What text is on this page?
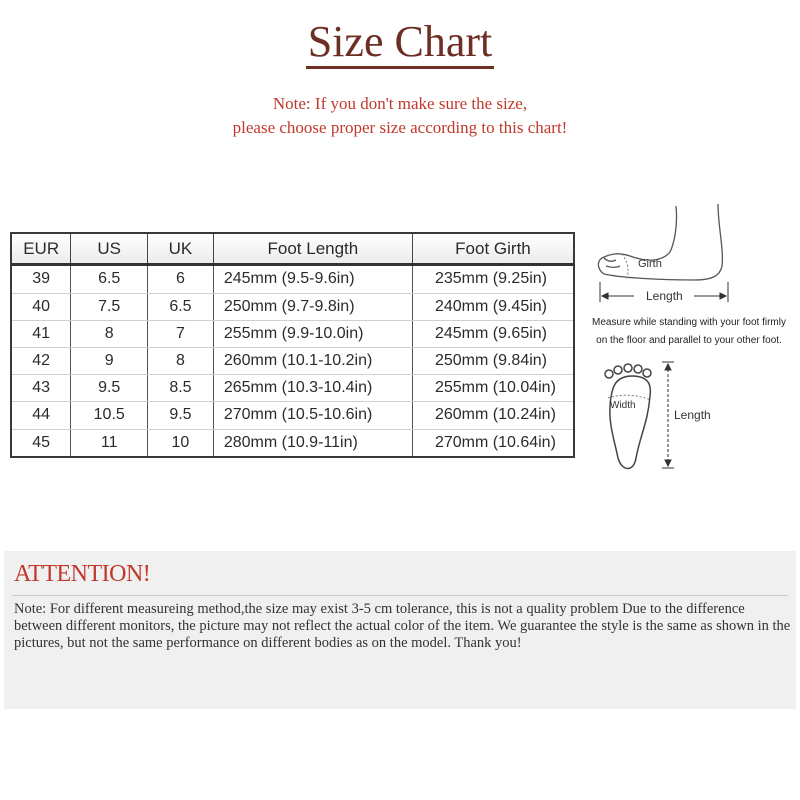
Size Chart
Note: If you don't make sure the size,
please choose proper size according to this chart!
EUR	US	UK	Foot Length	Foot Girth
39	6.5	6	245mm (9.5-9.6in)	235mm (9.25in)
40	7.5	6.5	250mm (9.7-9.8in)	240mm (9.45in)
41	8	7	255mm (9.9-10.0in)	245mm (9.65in)
42	9	8	260mm (10.1-10.2in)	250mm (9.84in)
43	9.5	8.5	265mm (10.3-10.4in)	255mm (10.04in)
44	10.5	9.5	270mm (10.5-10.6in)	260mm (10.24in)
45	11	10	280mm (10.9-11in)	270mm (10.64in)
Girth
Length
Width
Length
Measure while standing with your foot firmly
on the floor and parallel to your other foot.
ATTENTION!
Note: For different measureing method,the size may exist 3-5 cm tolerance, this is not a quality problem Due to the difference between different monitors, the picture may not reflect the actual color of the item. We guarantee the style is the same as shown in the pictures, but not the same performance on different bodies as on the model. Thank you!
